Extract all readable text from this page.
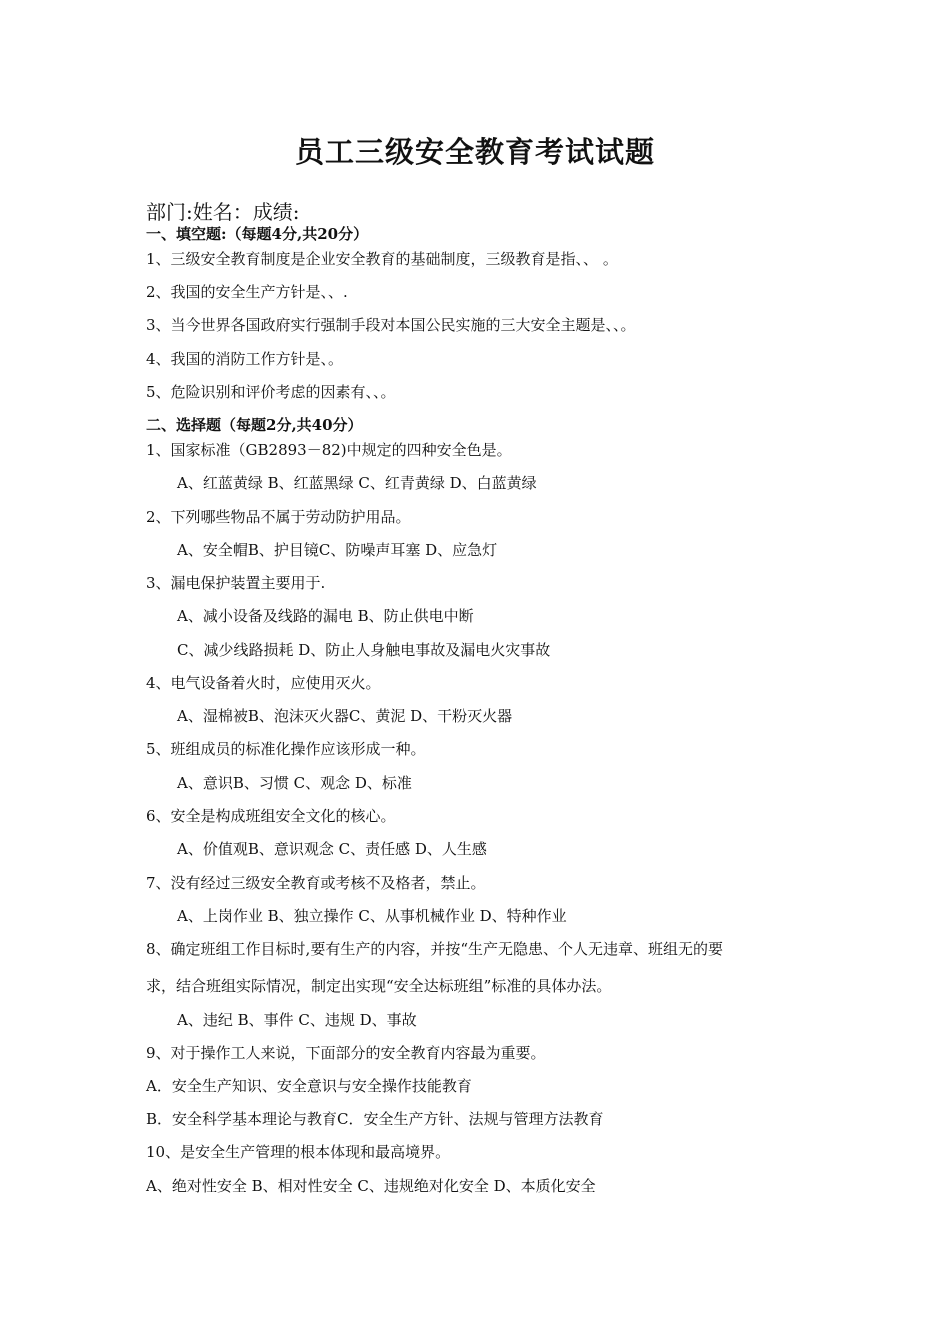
员工三级安全教育考试试题
部门:姓名：成绩:
一、填空题:（每题4分,共20分）
1、三级安全教育制度是企业安全教育的基础制度，三级教育是指、、 。
2、我国的安全生产方针是、、.
3、当今世界各国政府实行强制手段对本国公民实施的三大安全主题是、、。
4、我国的消防工作方针是、。
5、危险识别和评价考虑的因素有、、。
二、选择题（每题2分,共40分）
1、国家标准（GB2893－82)中规定的四种安全色是。
A、红蓝黄绿 B、红蓝黑绿 C、红青黄绿 D、白蓝黄绿
2、下列哪些物品不属于劳动防护用品。
A、安全帽B、护目镜C、防噪声耳塞 D、应急灯
3、漏电保护装置主要用于.
A、减小设备及线路的漏电 B、防止供电中断
C、减少线路损耗 D、防止人身触电事故及漏电火灾事故
4、电气设备着火时，应使用灭火。
A、湿棉被B、泡沫灭火器C、黄泥 D、干粉灭火器
5、班组成员的标准化操作应该形成一种。
A、意识B、习惯 C、观念 D、标准
6、安全是构成班组安全文化的核心。
A、价值观B、意识观念 C、责任感 D、人生感
7、没有经过三级安全教育或考核不及格者，禁止。
A、上岗作业 B、独立操作 C、从事机械作业 D、特种作业
8、确定班组工作目标时,要有生产的内容，并按“生产无隐患、个人无违章、班组无的要
求，结合班组实际情况，制定出实现“安全达标班组”标准的具体办法。
A、违纪 B、事件 C、违规 D、事故
9、对于操作工人来说，下面部分的安全教育内容最为重要。
A．安全生产知识、安全意识与安全操作技能教育
B．安全科学基本理论与教育C．安全生产方针、法规与管理方法教育
10、是安全生产管理的根本体现和最高境界。
A、绝对性安全 B、相对性安全 C、违规绝对化安全 D、本质化安全
